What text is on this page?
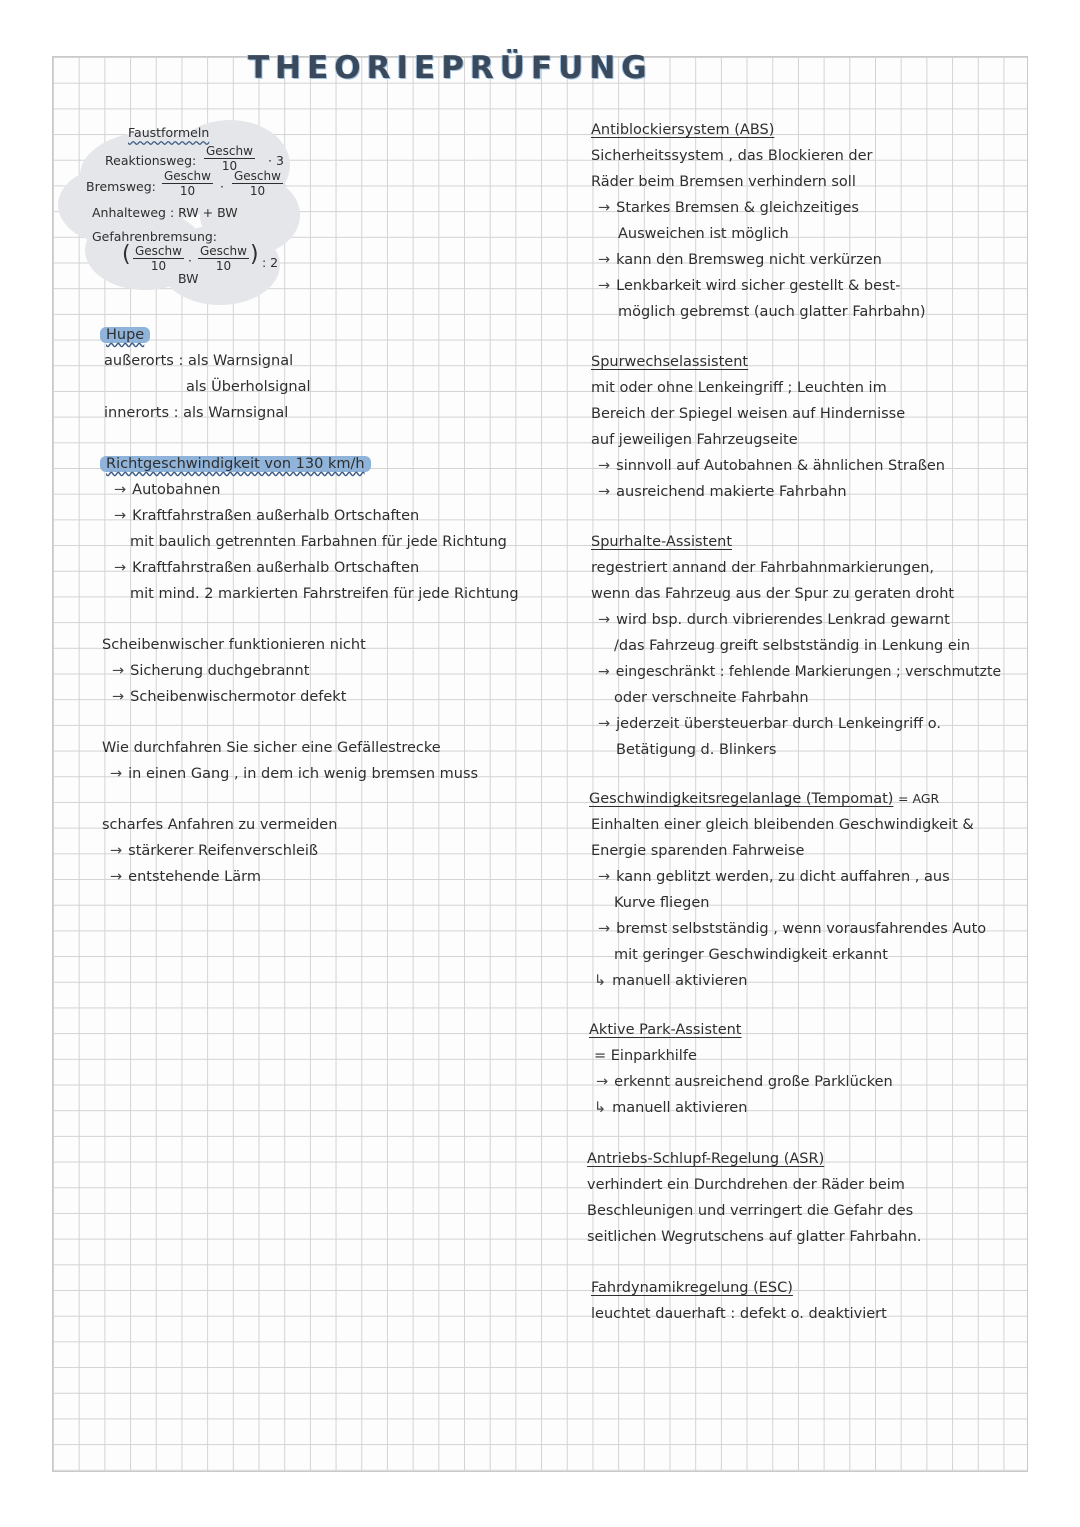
THEORIEPRÜFUNG
Faustformeln
Reaktionsweg:
Geschw
10	· 3
Bremsweg:
Geschw
10	·
Geschw
10
Anhalteweg : RW + BW
Gefahrenbremsung:
( Geschw
10	·
Geschw
10 ) : 2
BW
Hupe
außerorts : als Warnsignal
als Überholsignal
innerorts : als Warnsignal
Richtgeschwindigkeit von 130 km/h
→ Autobahnen
→ Kraftfahrstraßen außerhalb Ortschaften
mit baulich getrennten Farbahnen für jede Richtung
→ Kraftfahrstraßen außerhalb Ortschaften
mit mind. 2 markierten Fahrstreifen für jede Richtung
Scheibenwischer funktionieren nicht
→ Sicherung duchgebrannt
→ Scheibenwischermotor defekt
Wie durchfahren Sie sicher eine Gefällestrecke
→ in einen Gang , in dem ich wenig bremsen muss
scharfes Anfahren zu vermeiden
→ stärkerer Reifenverschleiß
→ entstehende Lärm
Antiblockiersystem (ABS)
Sicherheitssystem , das Blockieren der
Räder beim Bremsen verhindern soll
→ Starkes Bremsen & gleichzeitiges
Ausweichen ist möglich
→ kann den Bremsweg nicht verkürzen
→ Lenkbarkeit wird sicher gestellt & best-
möglich gebremst (auch glatter Fahrbahn)
Spurwechselassistent
mit oder ohne Lenkeingriff ; Leuchten im
Bereich der Spiegel weisen auf Hindernisse
auf jeweiligen Fahrzeugseite
→ sinnvoll auf Autobahnen & ähnlichen Straßen
→ ausreichend makierte Fahrbahn
Spurhalte-Assistent
regestriert annand der Fahrbahnmarkierungen,
wenn das Fahrzeug aus der Spur zu geraten droht
→ wird bsp. durch vibrierendes Lenkrad gewarnt
/das Fahrzeug greift selbstständig in Lenkung ein
→ eingeschränkt : fehlende Markierungen ; verschmutzte
oder verschneite Fahrbahn
→ jederzeit übersteuerbar durch Lenkeingriff o.
Betätigung d. Blinkers
Geschwindigkeitsregelanlage (Tempomat) = AGR
Einhalten einer gleich bleibenden Geschwindigkeit &
Energie sparenden Fahrweise
→ kann geblitzt werden, zu dicht auffahren , aus
Kurve fliegen
→ bremst selbstständig , wenn vorausfahrendes Auto
mit geringer Geschwindigkeit erkannt
↳ manuell aktivieren
Aktive Park-Assistent
= Einparkhilfe
→ erkennt ausreichend große Parklücken
↳ manuell aktivieren
Antriebs-Schlupf-Regelung (ASR)
verhindert ein Durchdrehen der Räder beim
Beschleunigen und verringert die Gefahr des
seitlichen Wegrutschens auf glatter Fahrbahn.
Fahrdynamikregelung (ESC)
leuchtet dauerhaft : defekt o. deaktiviert
